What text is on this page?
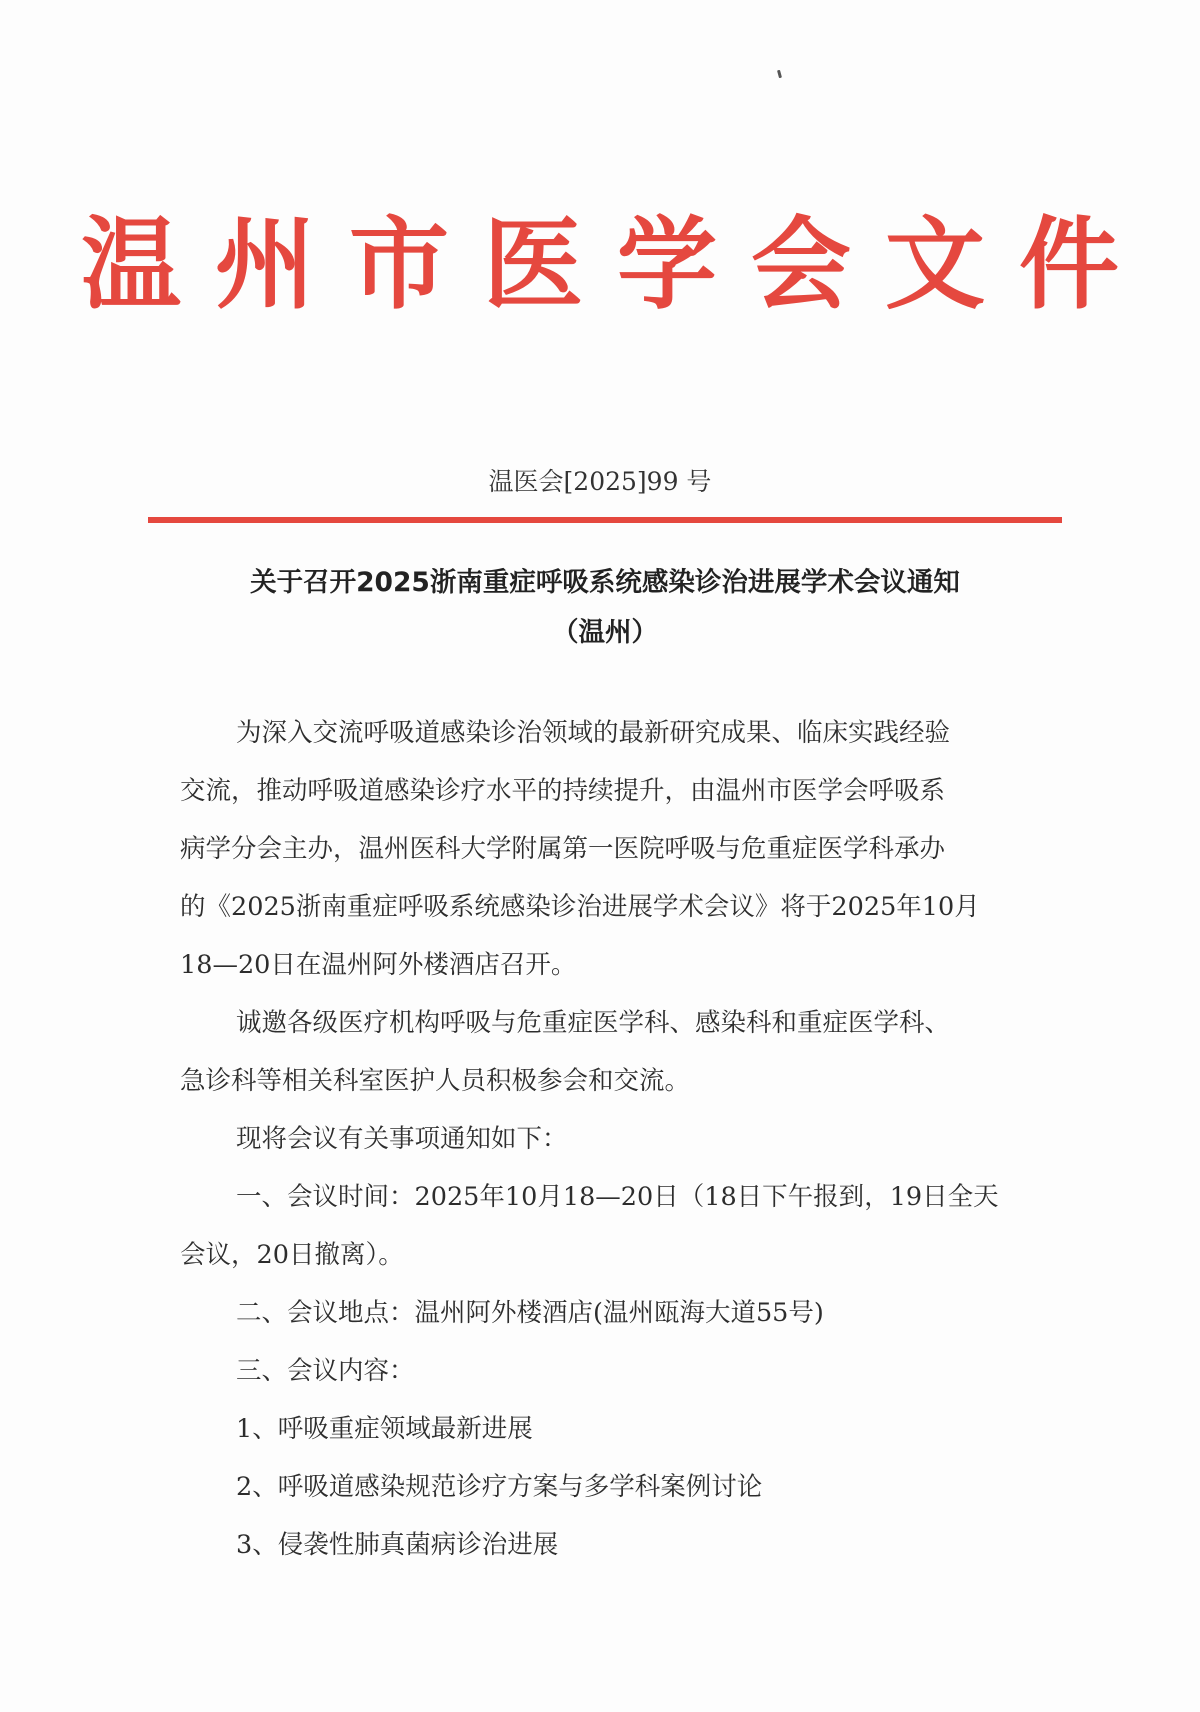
温州市医学会文件
温医会[2025]99 号
关于召开2025浙南重症呼吸系统感染诊治进展学术会议通知
（温州）
为深入交流呼吸道感染诊治领域的最新研究成果、临床实践经验
交流，推动呼吸道感染诊疗水平的持续提升，由温州市医学会呼吸系
病学分会主办，温州医科大学附属第一医院呼吸与危重症医学科承办
的《2025浙南重症呼吸系统感染诊治进展学术会议》将于2025年10月
18—20日在温州阿外楼酒店召开。
诚邀各级医疗机构呼吸与危重症医学科、感染科和重症医学科、
急诊科等相关科室医护人员积极参会和交流。
现将会议有关事项通知如下：
一、会议时间：2025年10月18—20日（18日下午报到，19日全天
会议，20日撤离）。
二、会议地点：温州阿外楼酒店(温州瓯海大道55号)
三、会议内容：
1、呼吸重症领域最新进展
2、呼吸道感染规范诊疗方案与多学科案例讨论
3、侵袭性肺真菌病诊治进展
